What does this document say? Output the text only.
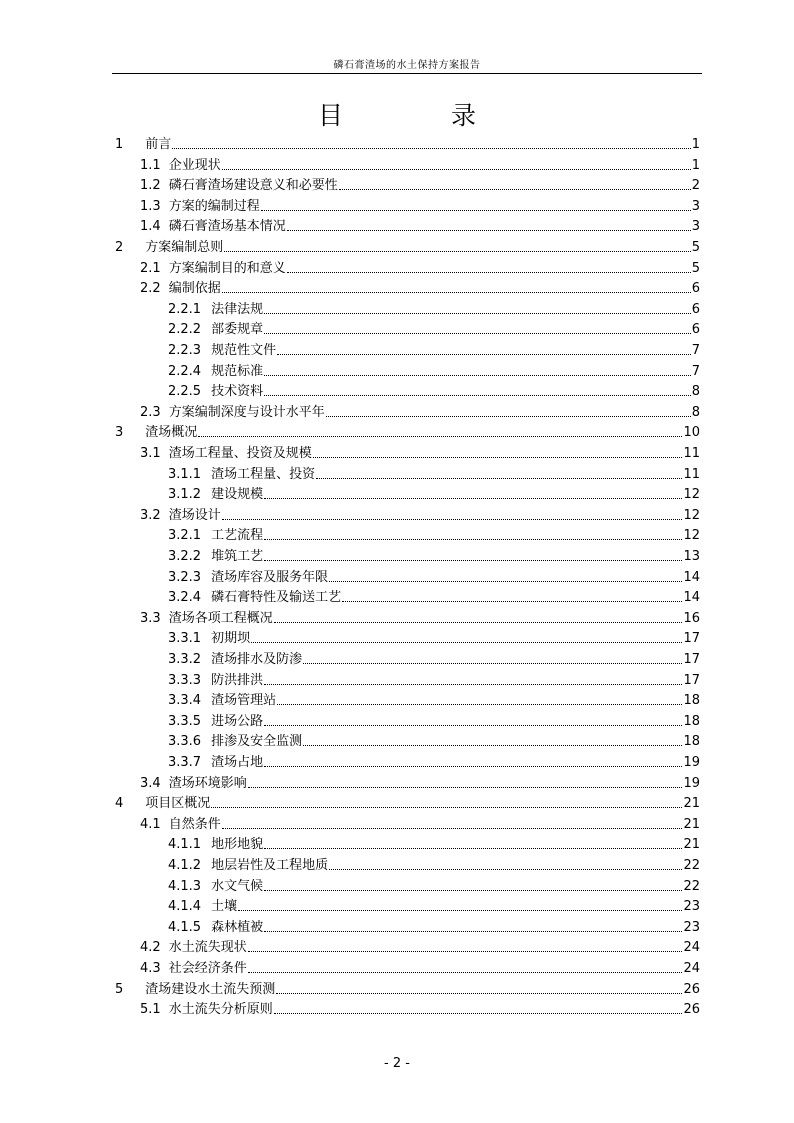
磷石膏渣场的水土保持方案报告
目 录
1 前言	1
1.1 企业现状	1
1.2 磷石膏渣场建设意义和必要性	2
1.3 方案的编制过程	3
1.4 磷石膏渣场基本情况	3
2 方案编制总则	5
2.1 方案编制目的和意义	5
2.2 编制依据	6
2.2.1 法律法规	6
2.2.2 部委规章	6
2.2.3 规范性文件	7
2.2.4 规范标准	7
2.2.5 技术资料	8
2.3 方案编制深度与设计水平年	8
3 渣场概况	10
3.1 渣场工程量、投资及规模	11
3.1.1 渣场工程量、投资	11
3.1.2 建设规模	12
3.2 渣场设计	12
3.2.1 工艺流程	12
3.2.2 堆筑工艺	13
3.2.3 渣场库容及服务年限	14
3.2.4 磷石膏特性及输送工艺	14
3.3 渣场各项工程概况	16
3.3.1 初期坝	17
3.3.2 渣场排水及防渗	17
3.3.3 防洪排洪	17
3.3.4 渣场管理站	18
3.3.5 进场公路	18
3.3.6 排渗及安全监测	18
3.3.7 渣场占地	19
3.4 渣场环境影响	19
4 项目区概况	21
4.1 自然条件	21
4.1.1 地形地貌	21
4.1.2 地层岩性及工程地质	22
4.1.3 水文气候	22
4.1.4 土壤	23
4.1.5 森林植被	23
4.2 水土流失现状	24
4.3 社会经济条件	24
5 渣场建设水土流失预测	26
5.1 水土流失分析原则	26
- 2 -
